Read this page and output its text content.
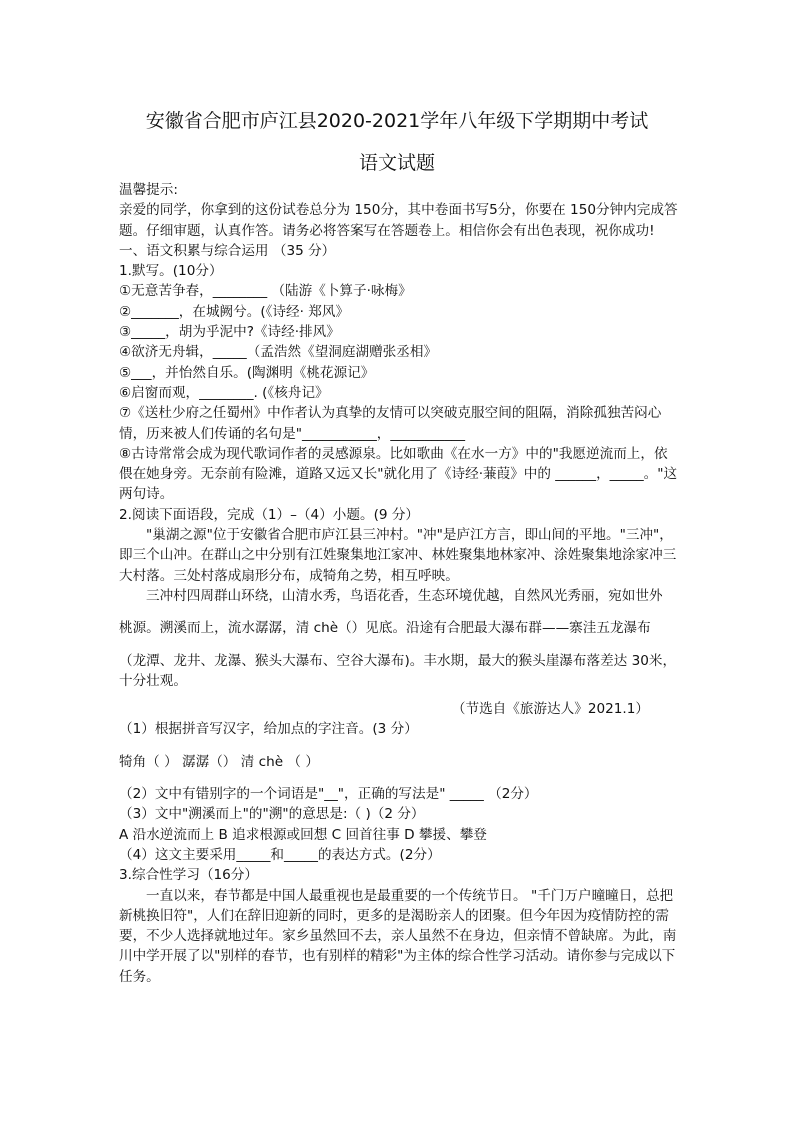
安徽省合肥市庐江县2020-2021学年八年级下学期期中考试
语文试题
温馨提示:
亲爱的同学，你拿到的这份试卷总分为 150分，其中卷面书写5分，你要在 150分钟内完成答题。仔细审题，认真作答。请务必将答案写在答题卷上。相信你会有出色表现，祝你成功!
一、语文积累与综合运用 （35 分）
1.默写。(10分）
①无意苦争春，________ （陆游《卜算子·咏梅》
②_______，在城阙兮。(《诗经· 郑风》
③_____，胡为乎泥中?《诗经·排风》
④欲济无舟辑，_____（孟浩然《望洞庭湖赠张丞相》
⑤___，并怡然自乐。(陶渊明《桃花源记》
⑥启窗而观，________. (《核舟记》
⑦《送杜少府之任蜀州》中作者认为真挚的友情可以突破克服空间的阻隔，消除孤独苦闷心情，历来被人们传诵的名句是"___________，___________
⑧古诗常常会成为现代歌词作者的灵感源泉。比如歌曲《在水一方》中的"我愿逆流而上，依偎在她身旁。无奈前有险滩，道路又远又长"就化用了《诗经·蒹葭》中的 ______，_____。"这两句诗。
2.阅读下面语段，完成（1）–（4）小题。(9 分）
"巢湖之源"位于安徽省合肥市庐江县三冲村。"冲"是庐江方言，即山间的平地。"三冲"，即三个山冲。在群山之中分别有江姓聚集地江家冲、林姓聚集地林家冲、涂姓聚集地涂家冲三大村落。三处村落成扇形分布，成犄角之势，相互呼映。
三冲村四周群山环绕，山清水秀，鸟语花香，生态环境优越，自然风光秀丽，宛如世外
桃源。溯溪而上，流水潺潺，清 chè（）见底。沿途有合肥最大瀑布群——寨洼五龙瀑布
（龙潭、龙井、龙瀑、猴头大瀑布、空谷大瀑布)。丰水期，最大的猴头崖瀑布落差达 30米，十分壮观。
（节选自《旅游达人》2021.1）
（1）根据拼音写汉字，给加点的字注音。(3 分）
犄角（ ） 潺潺（） 清 chè （ ）
（2）文中有错别字的一个词语是"__"，正确的写法是" _____ （2分）
（3）文中"溯溪而上"的"溯"的意思是:（ )（2 分）
A 沿水逆流而上 B 追求根源或回想 C 回首往事 D 攀援、攀登
（4）这文主要采用_____和_____的表达方式。(2分）
3.综合性学习（16分）
一直以来，春节都是中国人最重视也是最重要的一个传统节日。 "千门万户曈曈日，总把新桃换旧符"，人们在辞旧迎新的同时，更多的是渴盼亲人的团聚。但今年因为疫情防控的需要，不少人选择就地过年。家乡虽然回不去，亲人虽然不在身边，但亲情不曾缺席。为此，南川中学开展了以"别样的春节，也有别样的精彩"为主体的综合性学习活动。请你参与完成以下任务。
